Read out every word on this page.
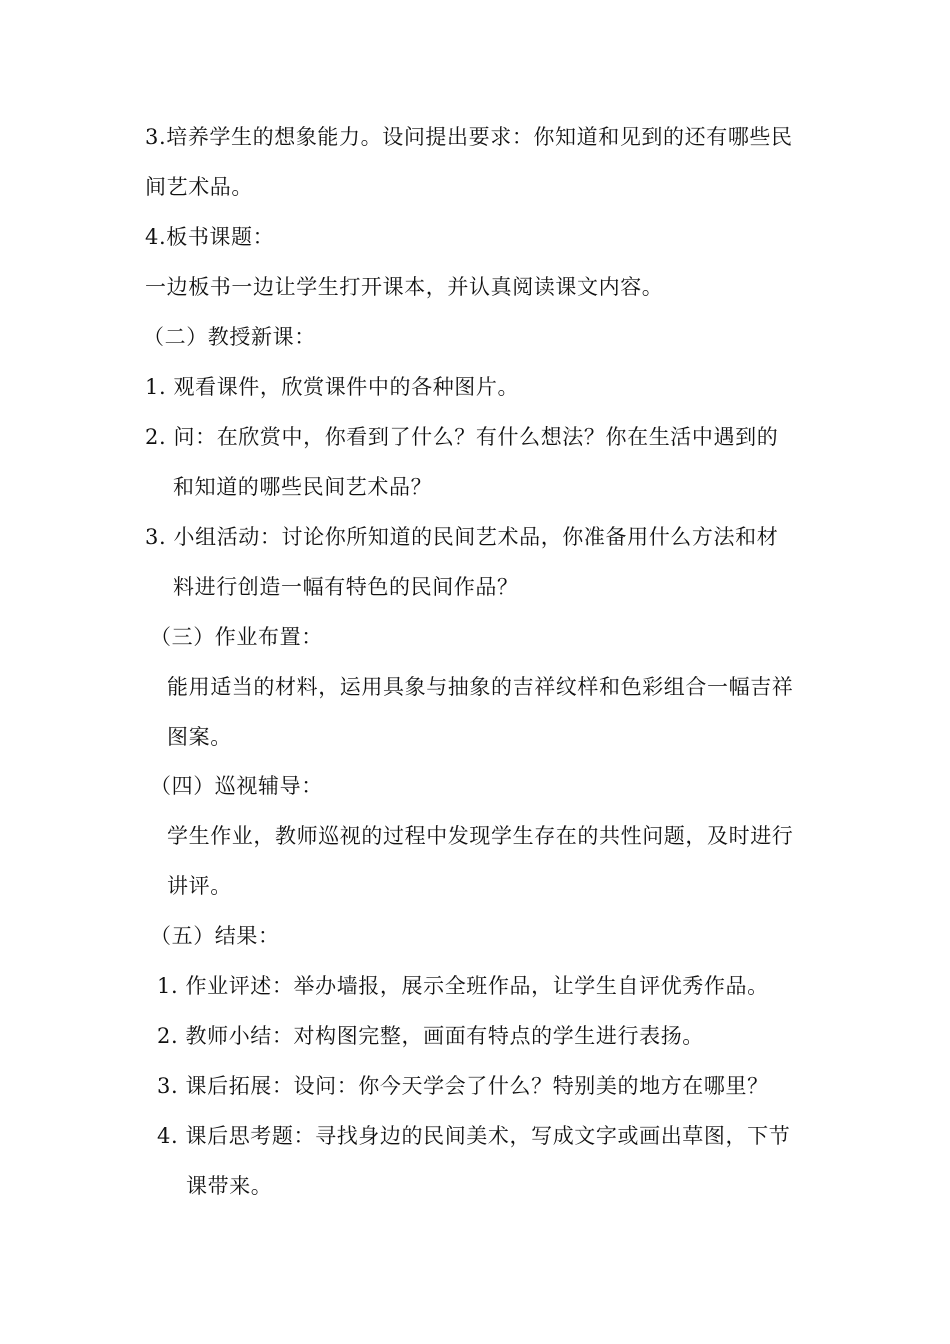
3.培养学生的想象能力。设问提出要求：你知道和见到的还有哪些民
间艺术品。
4.板书课题：
一边板书一边让学生打开课本，并认真阅读课文内容。
（二）教授新课：
1. 观看课件，欣赏课件中的各种图片。
2. 问：在欣赏中，你看到了什么？有什么想法？你在生活中遇到的
和知道的哪些民间艺术品？
3. 小组活动：讨论你所知道的民间艺术品，你准备用什么方法和材
料进行创造一幅有特色的民间作品？
（三）作业布置：
能用适当的材料，运用具象与抽象的吉祥纹样和色彩组合一幅吉祥
图案。
（四）巡视辅导：
学生作业，教师巡视的过程中发现学生存在的共性问题，及时进行
讲评。
（五）结果：
1. 作业评述：举办墙报，展示全班作品，让学生自评优秀作品。
2. 教师小结：对构图完整，画面有特点的学生进行表扬。
3. 课后拓展：设问：你今天学会了什么？特别美的地方在哪里？
4. 课后思考题：寻找身边的民间美术，写成文字或画出草图，下节
课带来。
